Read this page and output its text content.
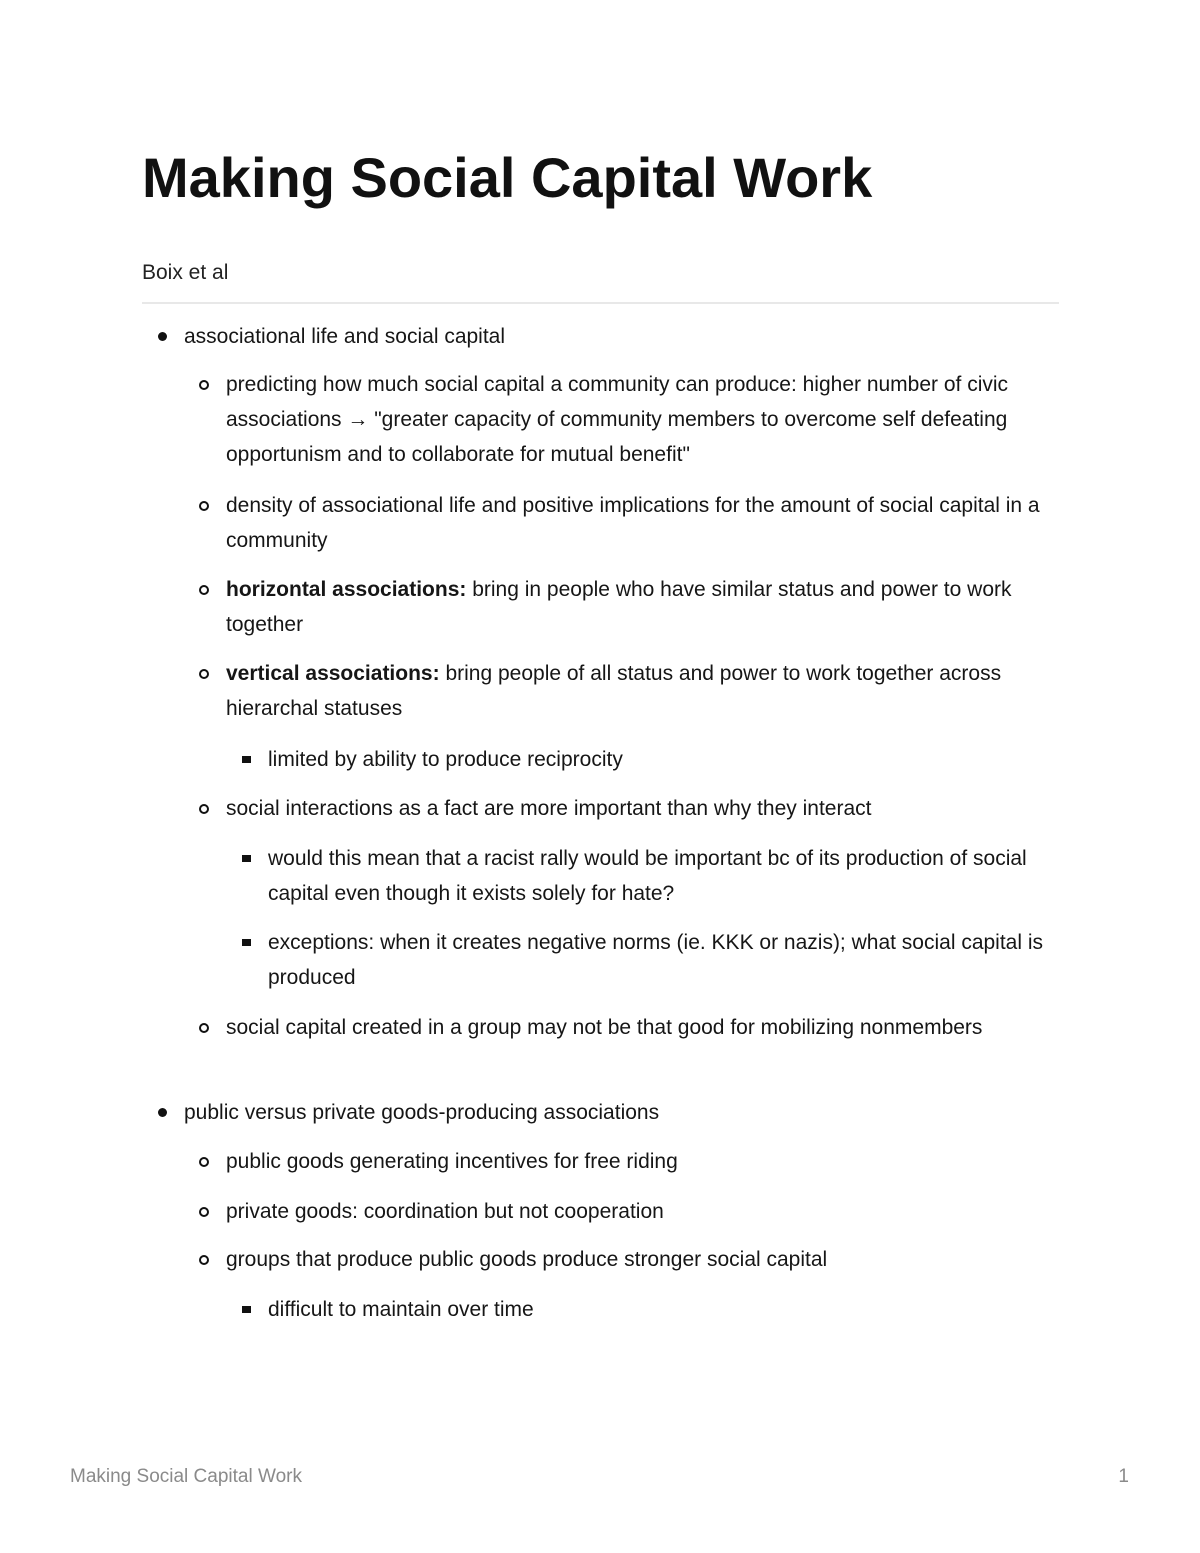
Making Social Capital Work
Boix et al
associational life and social capital
predicting how much social capital a community can produce: higher number of civic associations → "greater capacity of community members to overcome self defeating opportunism and to collaborate for mutual benefit"
density of associational life and positive implications for the amount of social capital in a community
horizontal associations: bring in people who have similar status and power to work together
vertical associations: bring people of all status and power to work together across hierarchal statuses
limited by ability to produce reciprocity
social interactions as a fact are more important than why they interact
would this mean that a racist rally would be important bc of its production of social capital even though it exists solely for hate?
exceptions: when it creates negative norms (ie. KKK or nazis); what social capital is produced
social capital created in a group may not be that good for mobilizing nonmembers
public versus private goods-producing associations
public goods generating incentives for free riding
private goods: coordination but not cooperation
groups that produce public goods produce stronger social capital
difficult to maintain over time
Making Social Capital Work	1
